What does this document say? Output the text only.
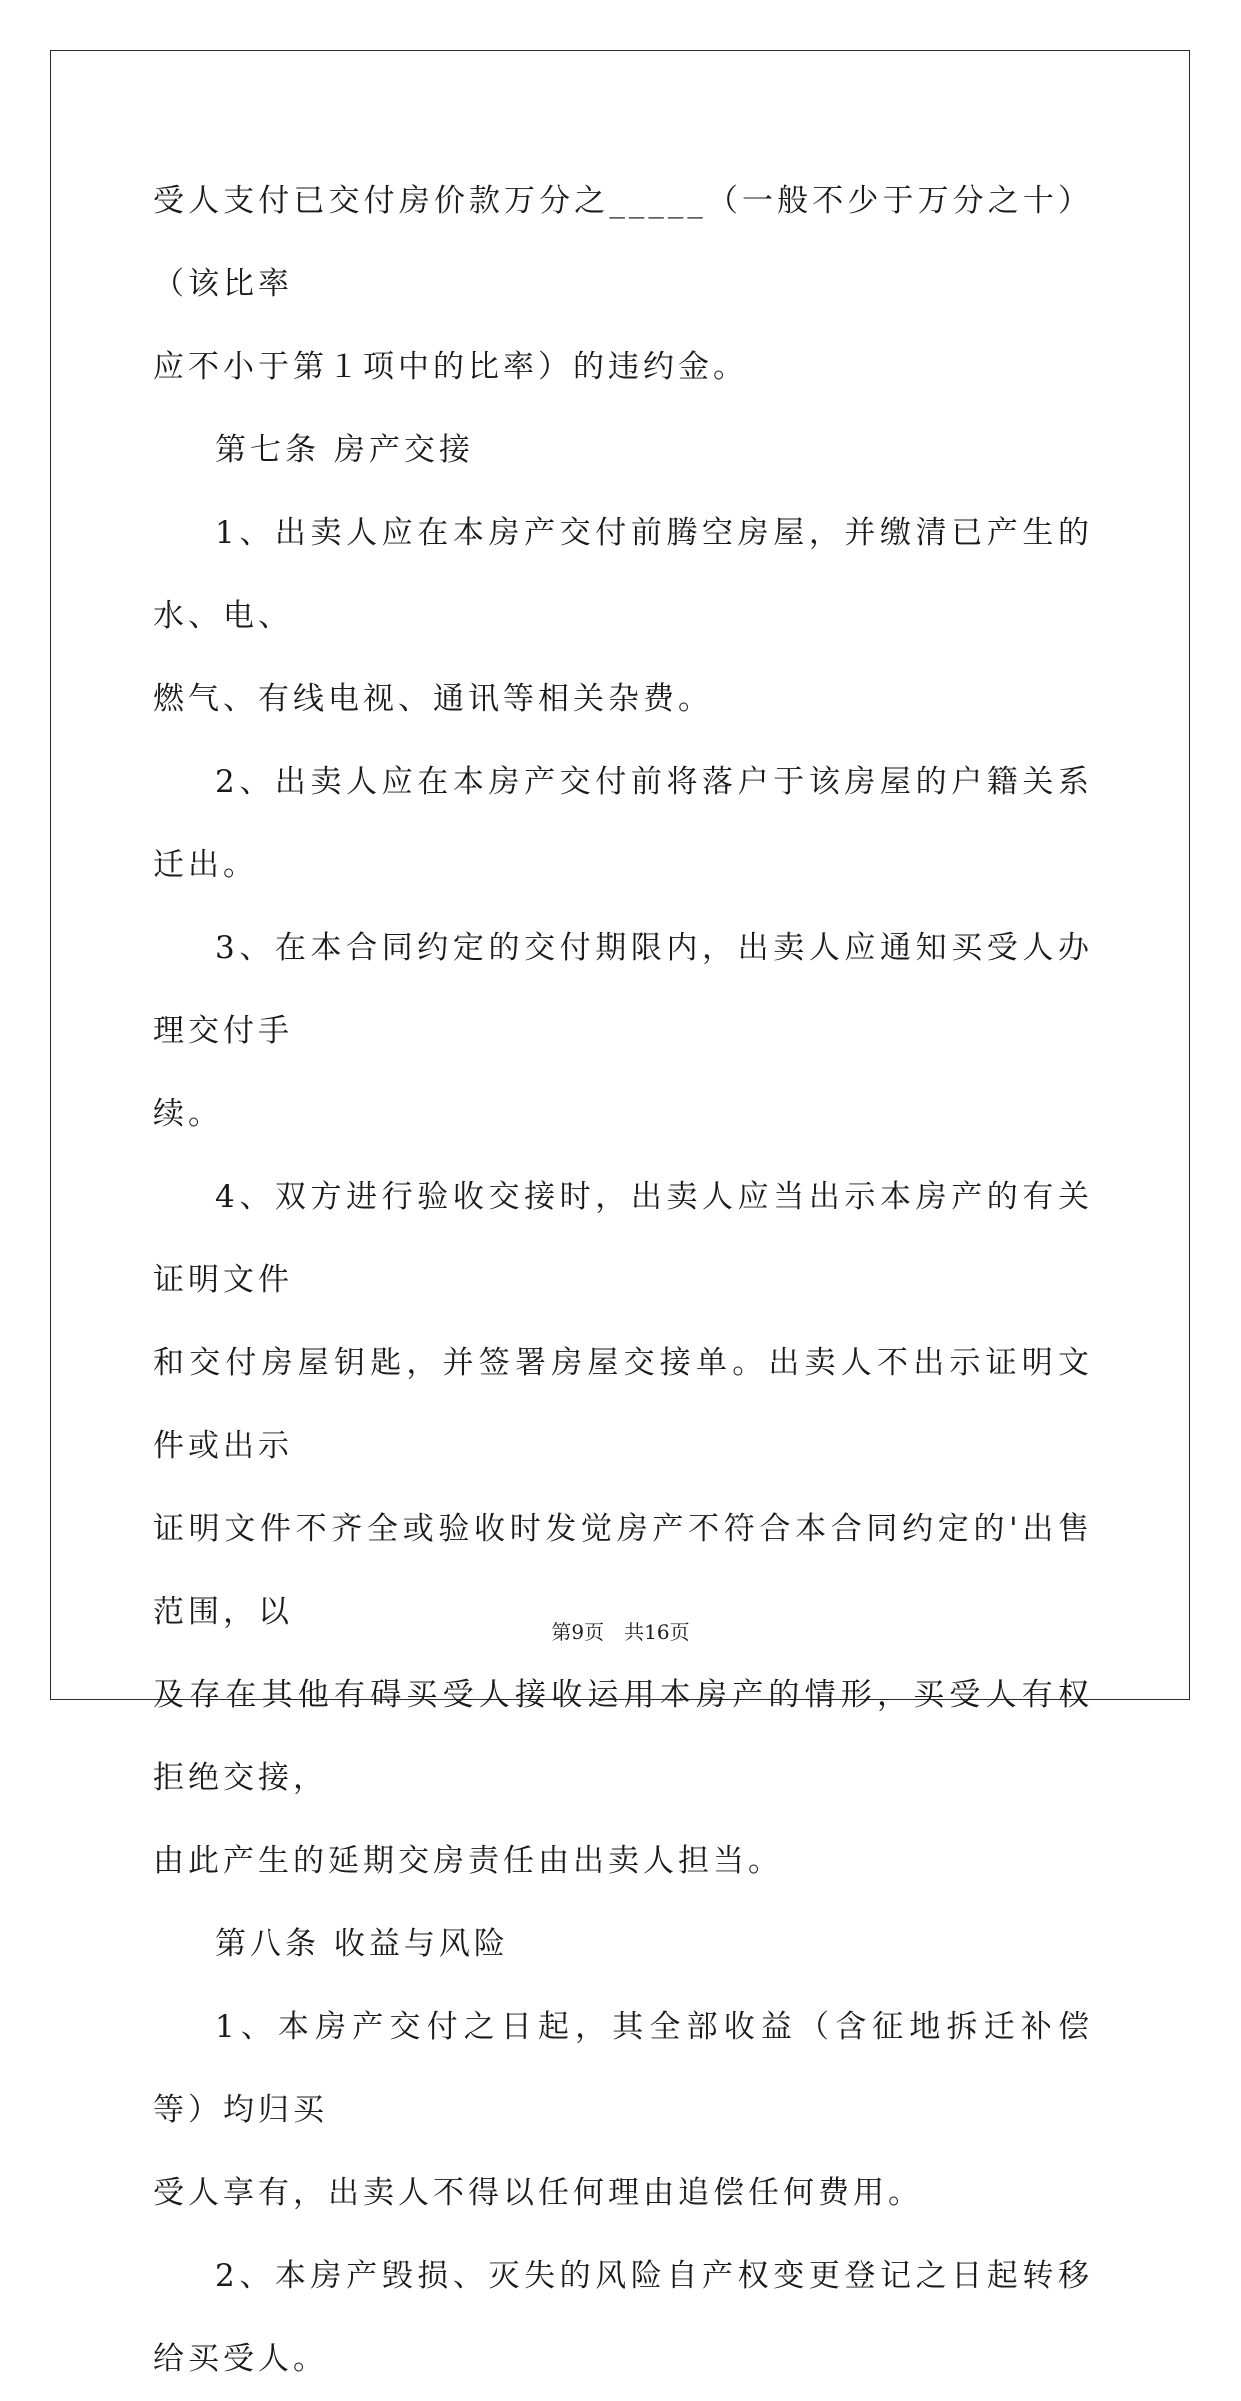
受人支付已交付房价款万分之_____（一般不少于万分之十）（该比率

应不小于第１项中的比率）的违约金。

第七条 房产交接

1、出卖人应在本房产交付前腾空房屋，并缴清已产生的水、电、

燃气、有线电视、通讯等相关杂费。

2、出卖人应在本房产交付前将落户于该房屋的户籍关系迁出。

3、在本合同约定的交付期限内，出卖人应通知买受人办理交付手

续。

4、双方进行验收交接时，出卖人应当出示本房产的有关证明文件

和交付房屋钥匙，并签署房屋交接单。出卖人不出示证明文件或出示

证明文件不齐全或验收时发觉房产不符合本合同约定的'出售范围，以

及存在其他有碍买受人接收运用本房产的情形，买受人有权拒绝交接，

由此产生的延期交房责任由出卖人担当。

第八条 收益与风险

1、本房产交付之日起，其全部收益（含征地拆迁补偿等）均归买

受人享有，出卖人不得以任何理由追偿任何费用。

2、本房产毁损、灭失的风险自产权变更登记之日起转移给买受人。

第9页　共16页
